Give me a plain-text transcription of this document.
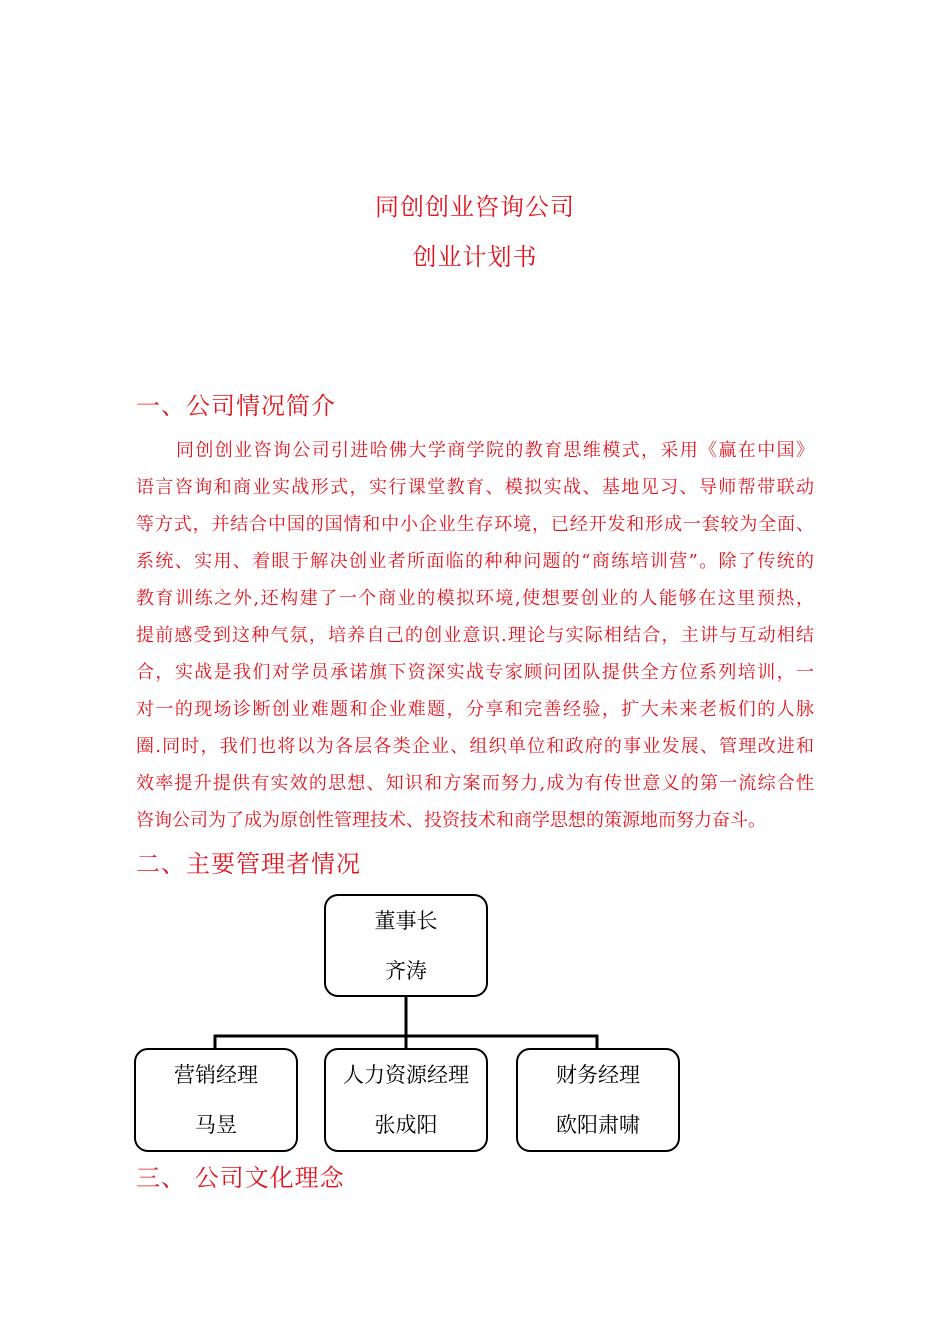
同创创业咨询公司
创业计划书
一、公司情况简介
同创创业咨询公司引进哈佛大学商学院的教育思维模式，采用《赢在中国》
语言咨询和商业实战形式，实行课堂教育、模拟实战、基地见习、导师帮带联动
等方式，并结合中国的国情和中小企业生存环境，已经开发和形成一套较为全面、
系统、实用、着眼于解决创业者所面临的种种问题的“商练培训营”。除了传统的
教育训练之外,还构建了一个商业的模拟环境,使想要创业的人能够在这里预热，
提前感受到这种气氛，培养自己的创业意识.理论与实际相结合，主讲与互动相结
合，实战是我们对学员承诺旗下资深实战专家顾问团队提供全方位系列培训，一
对一的现场诊断创业难题和企业难题，分享和完善经验，扩大未来老板们的人脉
圈.同时，我们也将以为各层各类企业、组织单位和政府的事业发展、管理改进和
效率提升提供有实效的思想、知识和方案而努力,成为有传世意义的第一流综合性
咨询公司为了成为原创性管理技术、投资技术和商学思想的策源地而努力奋斗。
二、主要管理者情况
董事长
齐涛
营销经理
马昱
人力资源经理
张成阳
财务经理
欧阳肃啸
三、 公司文化理念
